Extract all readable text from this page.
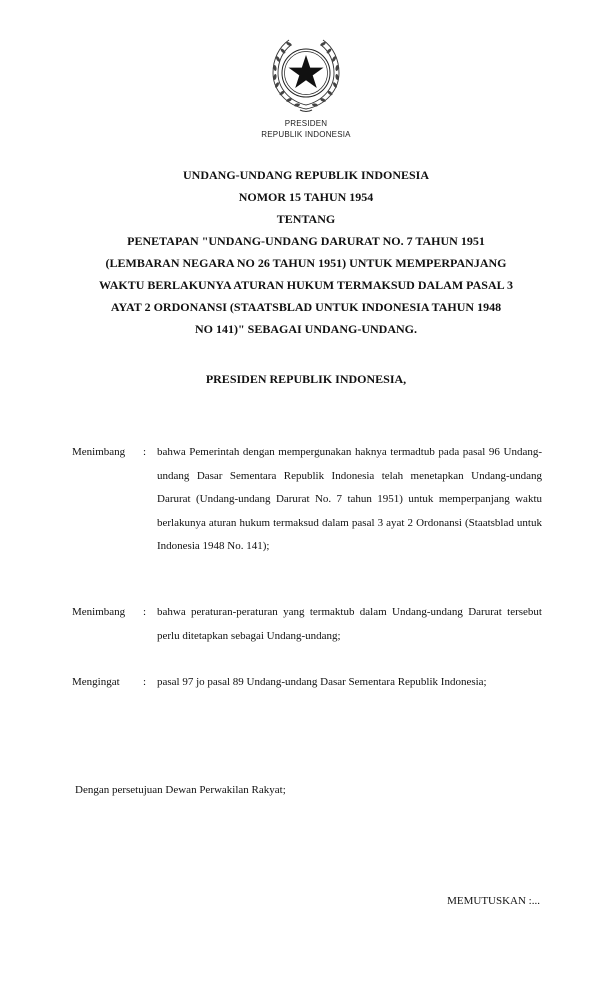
PRESIDEN
REPUBLIK INDONESIA
UNDANG-UNDANG REPUBLIK INDONESIA
NOMOR 15 TAHUN 1954
TENTANG
PENETAPAN "UNDANG-UNDANG DARURAT NO. 7 TAHUN 1951
(LEMBARAN NEGARA NO 26 TAHUN 1951) UNTUK MEMPERPANJANG
WAKTU BERLAKUNYA ATURAN HUKUM TERMAKSUD DALAM PASAL 3
AYAT 2 ORDONANSI (STAATSBLAD UNTUK INDONESIA TAHUN 1948
NO 141)" SEBAGAI UNDANG-UNDANG.
PRESIDEN REPUBLIK INDONESIA,
Menimbang	: bahwa Pemerintah dengan mempergunakan haknya termadtub pada pasal 96 Undang-undang Dasar Sementara Republik Indonesia telah menetapkan Undang-undang Darurat (Undang-undang Darurat No. 7 tahun 1951) untuk memperpanjang waktu berlakunya aturan hukum termaksud dalam pasal 3 ayat 2 Ordonansi (Staatsblad untuk Indonesia 1948 No. 141);
Menimbang	: bahwa peraturan-peraturan yang termaktub dalam Undang-undang Darurat tersebut perlu ditetapkan sebagai Undang-undang;
Mengingat	: pasal 97 jo pasal 89 Undang-undang Dasar Sementara Republik Indonesia;
Dengan persetujuan Dewan Perwakilan Rakyat;
MEMUTUSKAN :...
